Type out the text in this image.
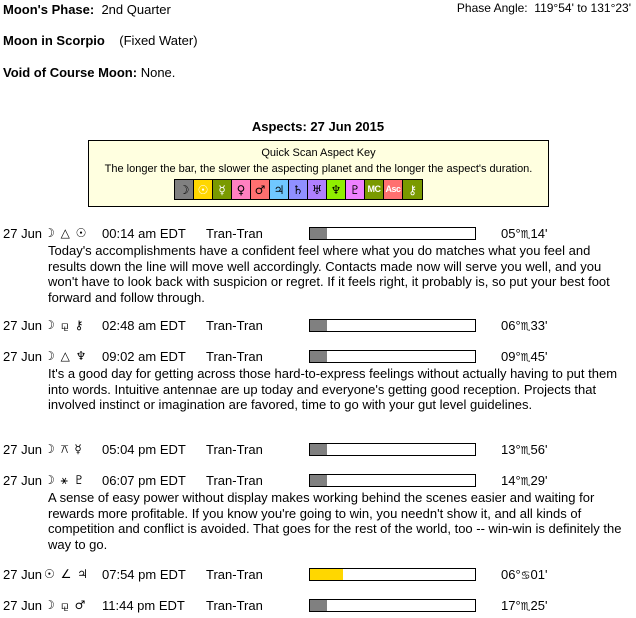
Moon's Phase: 2nd Quarter	Phase Angle: 119°54' to 131°23'
Moon in Scorpio (Fixed Water)
Void of Course Moon: None.
Aspects: 27 Jun 2015
Quick Scan Aspect Key
The longer the bar, the slower the aspecting planet and the longer the aspect's duration.
☽ ☉ ☿ ♀ ♂ ♃ ♄ ♅ ♆ ♇ MC Asc ⚷
27 Jun ☽ △ ☉ 00:14 am EDT Tran-Tran	05°♏14'
Today's accomplishments have a confident feel where what you do matches what you feel and results down the line will move well accordingly. Contacts made now will serve you well, and you won't have to look back with suspicion or regret. If it feels right, it probably is, so put your best foot forward and follow through.
27 Jun ☽ ⚼ ⚷ 02:48 am EDT Tran-Tran	06°♏33'
27 Jun ☽ △ ♆ 09:02 am EDT Tran-Tran	09°♏45'
It's a good day for getting across those hard-to-express feelings without actually having to put them into words. Intuitive antennae are up today and everyone's getting good reception. Projects that involved instinct or imagination are favored, time to go with your gut level guidelines.
27 Jun ☽ ⚻ ☿ 05:04 pm EDT Tran-Tran	13°♏56'
27 Jun ☽ ⚹ ♇ 06:07 pm EDT Tran-Tran	14°♏29'
A sense of easy power without display makes working behind the scenes easier and waiting for rewards more profitable. If you know you're going to win, you needn't show it, and all kinds of competition and conflict is avoided. That goes for the rest of the world, too -- win-win is definitely the way to go.
27 Jun ☉ ∠ ♃ 07:54 pm EDT Tran-Tran	06°♋01'
27 Jun ☽ ⚼ ♂ 11:44 pm EDT Tran-Tran	17°♏25'
